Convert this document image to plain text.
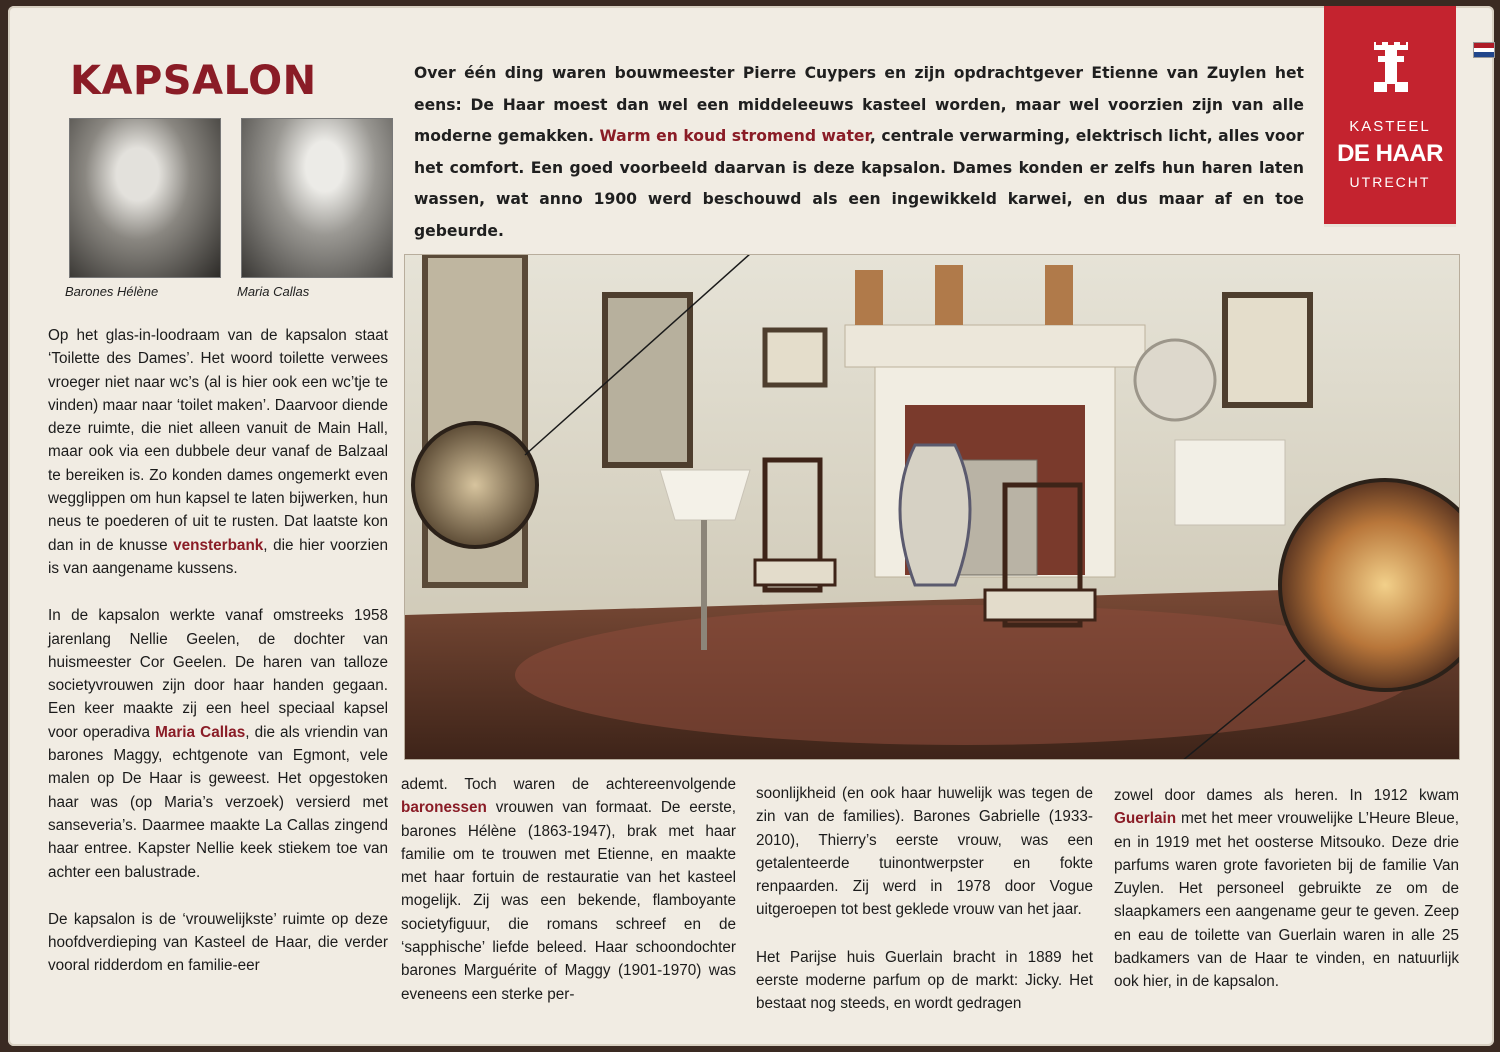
KAPSALON
Barones Hélène	Maria Callas

Op het glas-in-loodraam van de kapsalon staat ‘Toilette des Dames’. Het woord toilette verwees vroeger niet naar wc’s (al is hier ook een wc’tje te vinden) maar naar ‘toilet maken’. Daarvoor diende deze ruimte, die niet alleen vanuit de Main Hall, maar ook via een dubbele deur vanaf de Balzaal te bereiken is. Zo konden dames ongemerkt even wegglippen om hun kapsel te laten bijwerken, hun neus te poederen of uit te rusten. Dat laatste kon dan in de knusse vensterbank, die hier voorzien is van aangename kussens.

In de kapsalon werkte vanaf omstreeks 1958 jarenlang Nellie Geelen, de dochter van huismeester Cor Geelen. De haren van talloze societyvrouwen zijn door haar handen gegaan. Een keer maakte zij een heel speciaal kapsel voor operadiva Maria Callas, die als vriendin van barones Maggy, echtgenote van Egmont, vele malen op De Haar is geweest. Het opgestoken haar was (op Maria’s verzoek) versierd met sanseveria’s. Daarmee maakte La Callas zingend haar entree. Kapster Nellie keek stiekem toe van achter een balustrade.

De kapsalon is de ‘vrouwelijkste’ ruimte op deze hoofdverdieping van Kasteel de Haar, die verder vooral ridderdom en familie-eer

Over één ding waren bouwmeester Pierre Cuypers en zijn opdrachtgever Etienne van Zuylen het eens: De Haar moest dan wel een middeleeuws kasteel worden, maar wel voorzien zijn van alle moderne gemakken. Warm en koud stromend water, centrale verwarming, elektrisch licht, alles voor het comfort. Een goed voorbeeld daarvan is deze kapsalon. Dames konden er zelfs hun haren laten wassen, wat anno 1900 werd beschouwd als een ingewikkeld karwei, en dus maar af en toe gebeurde.

KASTEEL
DE HAAR
UTRECHT

ademt. Toch waren de achtereenvolgende baronessen vrouwen van formaat. De eerste, barones Hélène (1863-1947), brak met haar familie om te trouwen met Etienne, en maakte met haar fortuin de restauratie van het kasteel mogelijk. Zij was een bekende, flamboyante societyfiguur, die romans schreef en de ‘sapphische’ liefde beleed. Haar schoondochter barones Marguérite of Maggy (1901-1970) was eveneens een sterke per-

soonlijkheid (en ook haar huwelijk was tegen de zin van de families). Barones Gabrielle (1933-2010), Thierry’s eerste vrouw, was een getalenteerde tuinontwerpster en fokte renpaarden. Zij werd in 1978 door Vogue uitgeroepen tot best geklede vrouw van het jaar.

Het Parijse huis Guerlain bracht in 1889 het eerste moderne parfum op de markt: Jicky. Het bestaat nog steeds, en wordt gedragen

zowel door dames als heren. In 1912 kwam Guerlain met het meer vrouwelijke L’Heure Bleue, en in 1919 met het oosterse Mitsouko. Deze drie parfums waren grote favorieten bij de familie Van Zuylen. Het personeel gebruikte ze om de slaapkamers een aangename geur te geven. Zeep en eau de toilette van Guerlain waren in alle 25 badkamers van de Haar te vinden, en natuurlijk ook hier, in de kapsalon.
